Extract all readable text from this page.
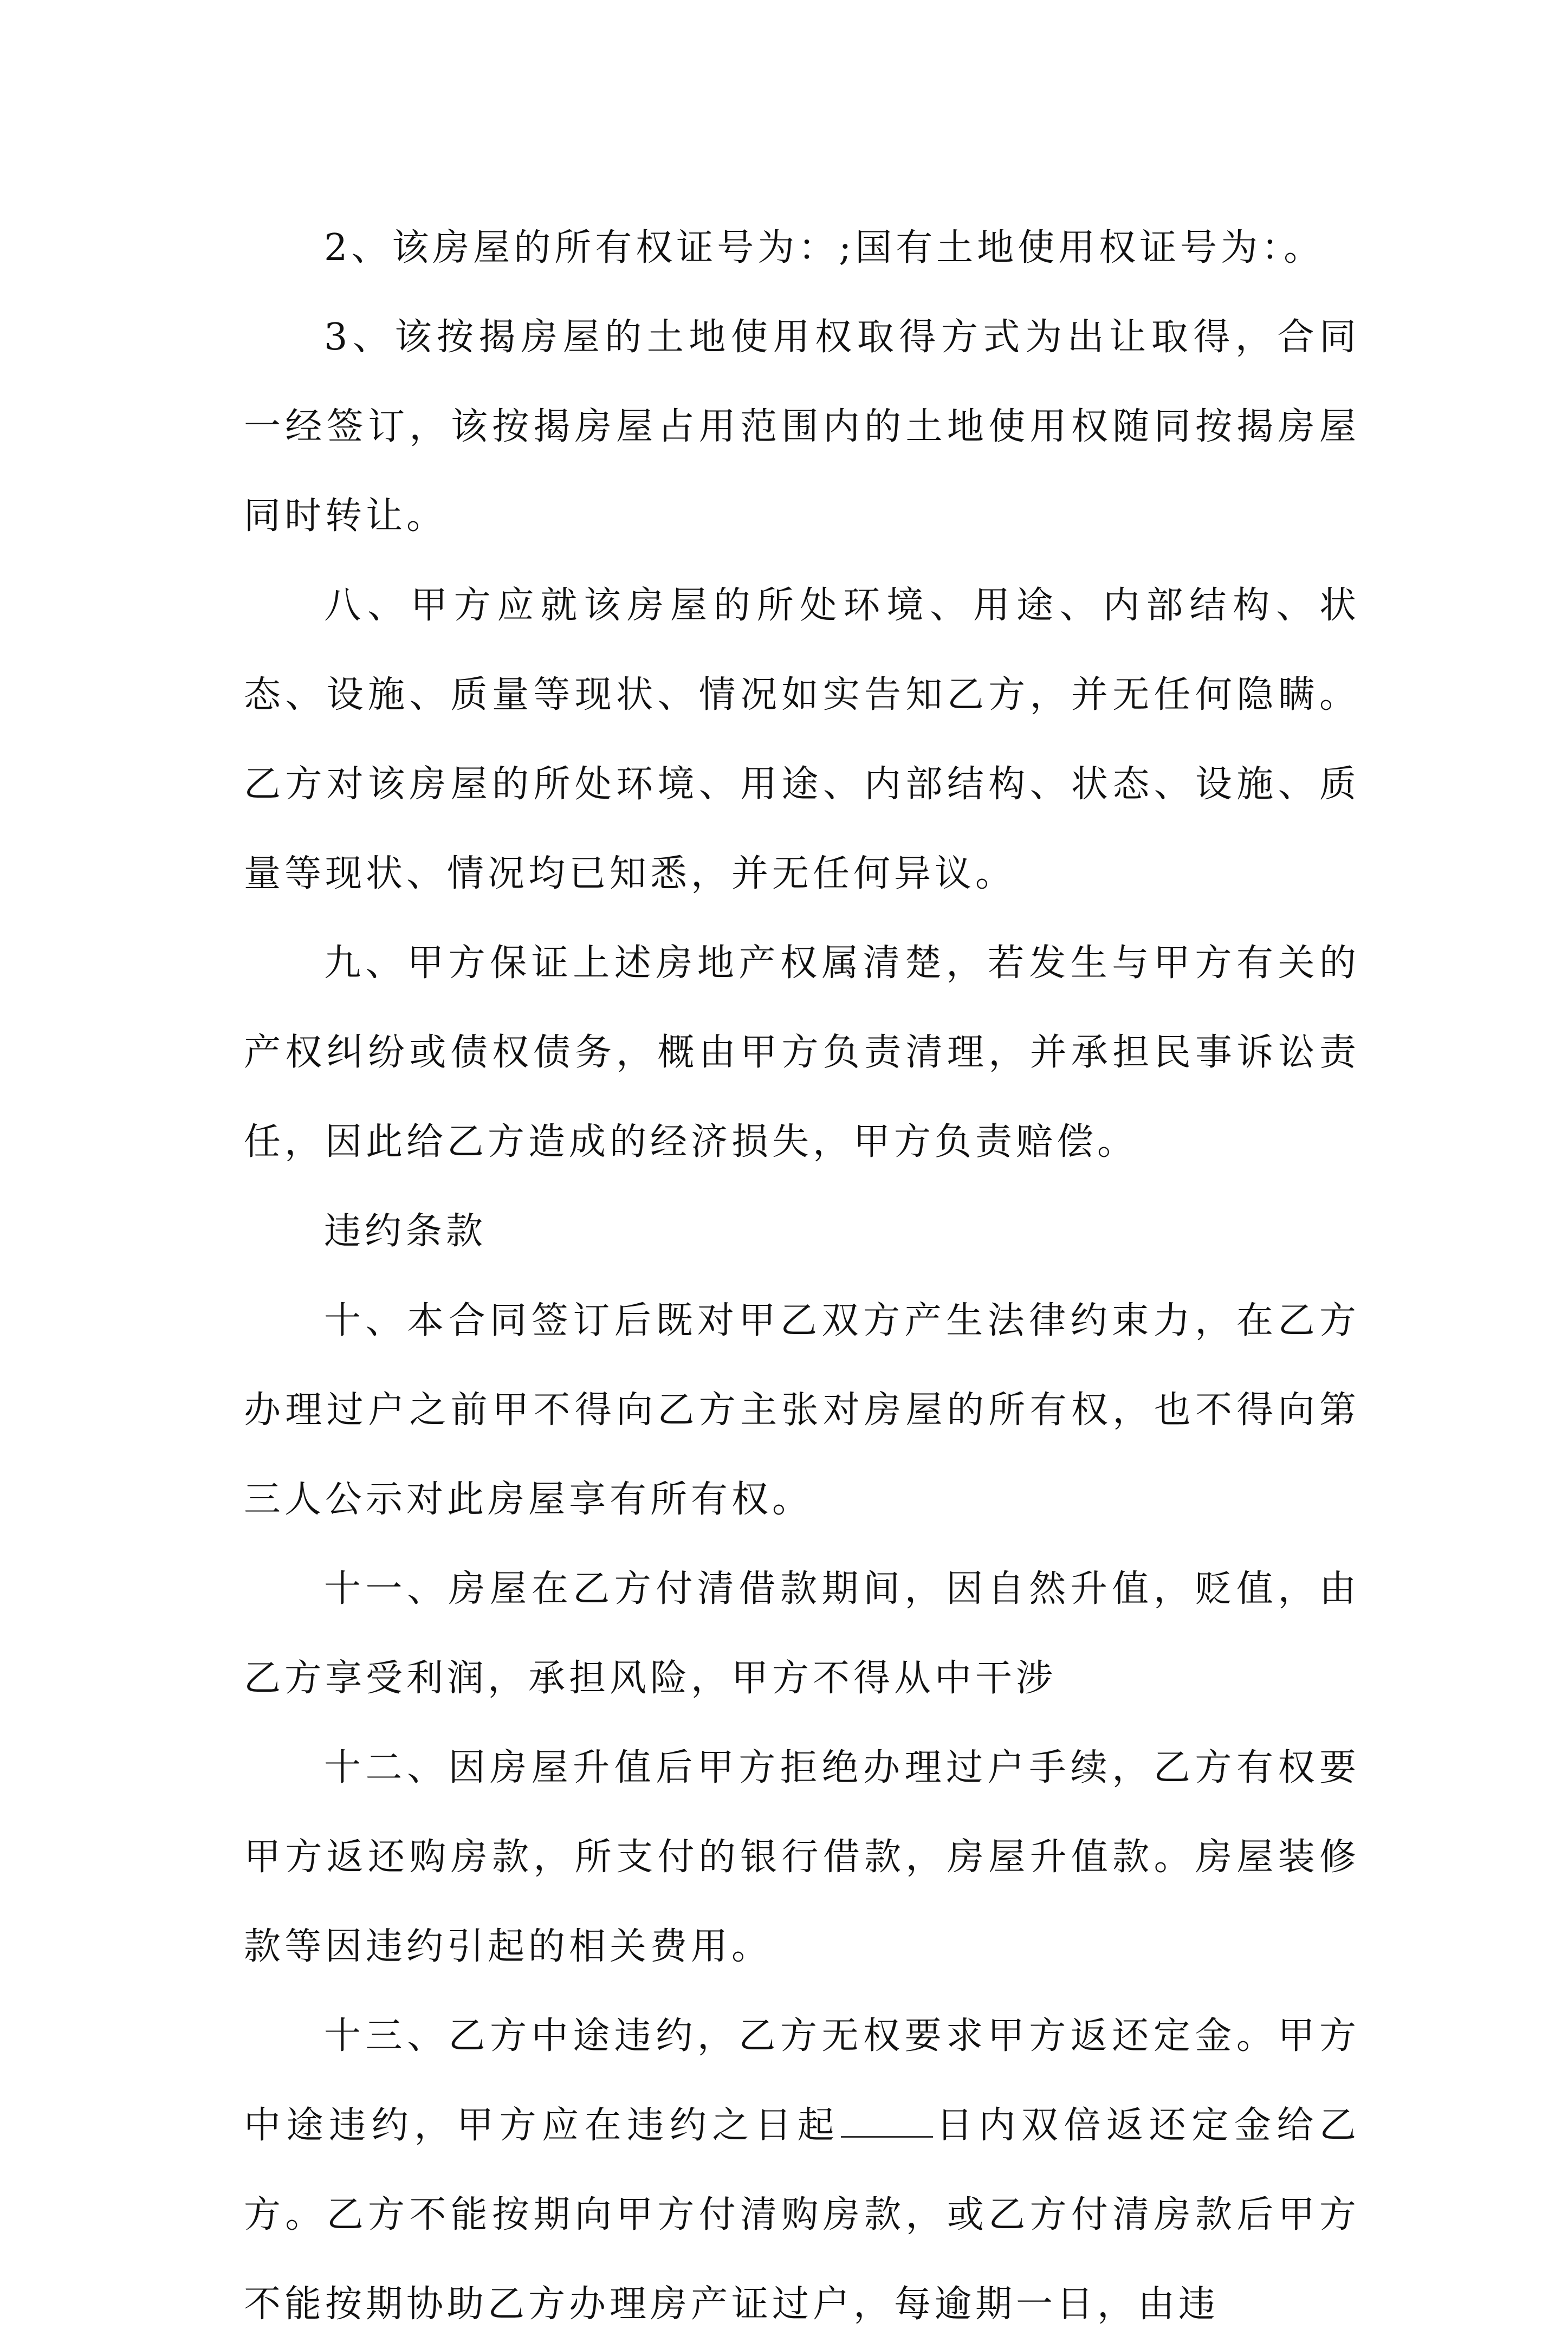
2、该房屋的所有权证号为：;国有土地使用权证号为：。

3、该按揭房屋的土地使用权取得方式为出让取得，合同一经签订，该按揭房屋占用范围内的土地使用权随同按揭房屋同时转让。

八、甲方应就该房屋的所处环境、用途、内部结构、状态、设施、质量等现状、情况如实告知乙方，并无任何隐瞒。乙方对该房屋的所处环境、用途、内部结构、状态、设施、质量等现状、情况均已知悉，并无任何异议。

九、甲方保证上述房地产权属清楚，若发生与甲方有关的产权纠纷或债权债务，概由甲方负责清理，并承担民事诉讼责任，因此给乙方造成的经济损失，甲方负责赔偿。

违约条款

十、本合同签订后既对甲乙双方产生法律约束力，在乙方办理过户之前甲不得向乙方主张对房屋的所有权，也不得向第三人公示对此房屋享有所有权。

十一、房屋在乙方付清借款期间，因自然升值，贬值，由乙方享受利润，承担风险，甲方不得从中干涉

十二、因房屋升值后甲方拒绝办理过户手续，乙方有权要甲方返还购房款，所支付的银行借款，房屋升值款。房屋装修款等因违约引起的相关费用。

十三、乙方中途违约，乙方无权要求甲方返还定金。甲方中途违约，甲方应在违约之日起	日内双倍返还定金给乙方。乙方不能按期向甲方付清购房款，或乙方付清房款后甲方不能按期协助乙方办理房产证过户，每逾期一日，由违
